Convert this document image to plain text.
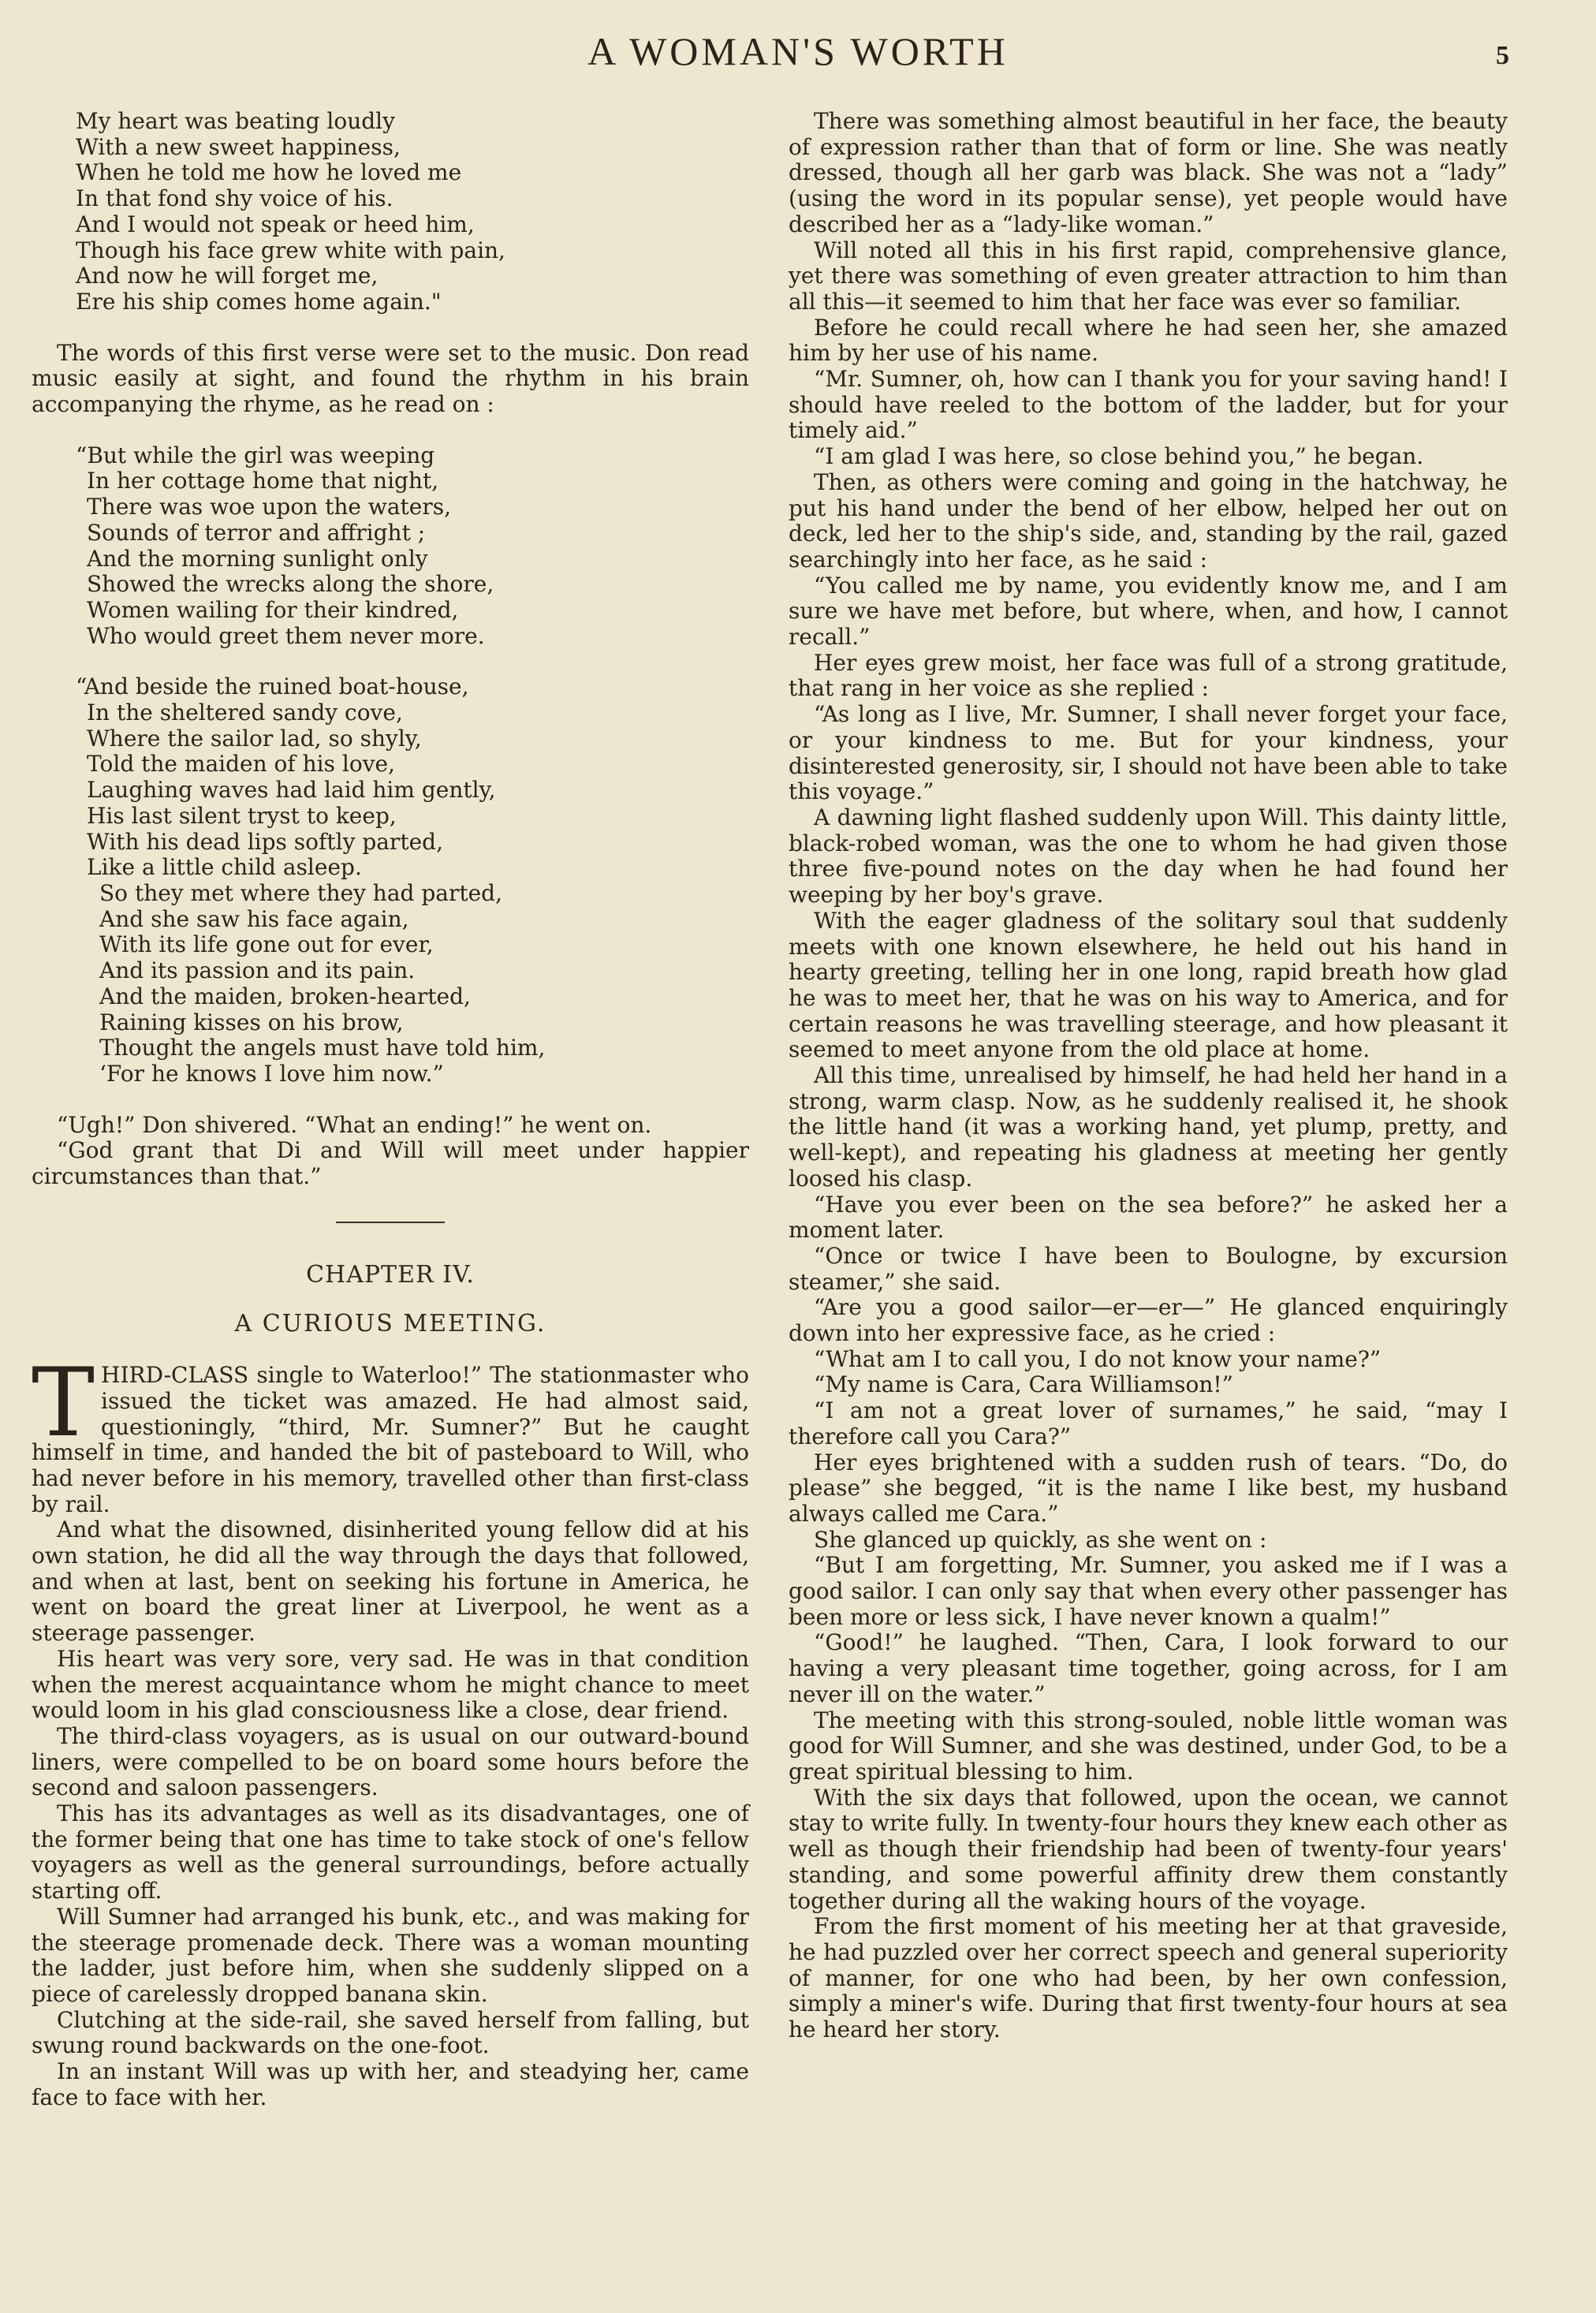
A WOMAN'S WORTH	5
My heart was beating loudly
With a new sweet happiness,
When he told me how he loved me
In that fond shy voice of his.
And I would not speak or heed him,
Though his face grew white with pain,
And now he will forget me,
Ere his ship comes home again."

The words of this first verse were set to the music. Don read music easily at sight, and found the rhythm in his brain accompanying the rhyme, as he read on :

“But while the girl was weeping
In her cottage home that night,
There was woe upon the waters,
Sounds of terror and affright ;
And the morning sunlight only
Showed the wrecks along the shore,
Women wailing for their kindred,
Who would greet them never more.
“And beside the ruined boat-house,
In the sheltered sandy cove,
Where the sailor lad, so shyly,
Told the maiden of his love,
Laughing waves had laid him gently,
His last silent tryst to keep,
With his dead lips softly parted,
Like a little child asleep.
So they met where they had parted,
And she saw his face again,
With its life gone out for ever,
And its passion and its pain.
And the maiden, broken-hearted,
Raining kisses on his brow,
Thought the angels must have told him,
‘For he knows I love him now.”

“Ugh!” Don shivered. “What an ending!” he went on.

“God grant that Di and Will will meet under happier circumstances than that.”

CHAPTER IV.
A CURIOUS MEETING.

THIRD-CLASS single to Waterloo!” The stationmaster who issued the ticket was amazed. He had almost said, questioningly, “third, Mr. Sumner?” But he caught himself in time, and handed the bit of pasteboard to Will, who had never before in his memory, travelled other than first-class by rail.

And what the disowned, disinherited young fellow did at his own station, he did all the way through the days that followed, and when at last, bent on seeking his fortune in America, he went on board the great liner at Liverpool, he went as a steerage passenger.

His heart was very sore, very sad. He was in that condition when the merest acquaintance whom he might chance to meet would loom in his glad consciousness like a close, dear friend.

The third-class voyagers, as is usual on our outward-bound liners, were compelled to be on board some hours before the second and saloon passengers.

This has its advantages as well as its disadvantages, one of the former being that one has time to take stock of one's fellow voyagers as well as the general surroundings, before actually starting off.

Will Sumner had arranged his bunk, etc., and was making for the steerage promenade deck. There was a woman mounting the ladder, just before him, when she suddenly slipped on a piece of carelessly dropped banana skin.

Clutching at the side-rail, she saved herself from falling, but swung round backwards on the one-foot.

In an instant Will was up with her, and steadying her, came face to face with her.

There was something almost beautiful in her face, the beauty of expression rather than that of form or line. She was neatly dressed, though all her garb was black. She was not a “lady” (using the word in its popular sense), yet people would have described her as a “lady-like woman.”

Will noted all this in his first rapid, comprehensive glance, yet there was something of even greater attraction to him than all this—it seemed to him that her face was ever so familiar.

Before he could recall where he had seen her, she amazed him by her use of his name.

“Mr. Sumner, oh, how can I thank you for your saving hand! I should have reeled to the bottom of the ladder, but for your timely aid.”

“I am glad I was here, so close behind you,” he began.

Then, as others were coming and going in the hatchway, he put his hand under the bend of her elbow, helped her out on deck, led her to the ship's side, and, standing by the rail, gazed searchingly into her face, as he said :

“You called me by name, you evidently know me, and I am sure we have met before, but where, when, and how, I cannot recall.”

Her eyes grew moist, her face was full of a strong gratitude, that rang in her voice as she replied :

“As long as I live, Mr. Sumner, I shall never forget your face, or your kindness to me. But for your kindness, your disinterested generosity, sir, I should not have been able to take this voyage.”

A dawning light flashed suddenly upon Will. This dainty little, black-robed woman, was the one to whom he had given those three five-pound notes on the day when he had found her weeping by her boy's grave.

With the eager gladness of the solitary soul that suddenly meets with one known elsewhere, he held out his hand in hearty greeting, telling her in one long, rapid breath how glad he was to meet her, that he was on his way to America, and for certain reasons he was travelling steerage, and how pleasant it seemed to meet anyone from the old place at home.

All this time, unrealised by himself, he had held her hand in a strong, warm clasp. Now, as he suddenly realised it, he shook the little hand (it was a working hand, yet plump, pretty, and well-kept), and repeating his gladness at meeting her gently loosed his clasp.

“Have you ever been on the sea before?” he asked her a moment later.

“Once or twice I have been to Boulogne, by excursion steamer,” she said.

“Are you a good sailor—er—er—” He glanced enquiringly down into her expressive face, as he cried :

“What am I to call you, I do not know your name?”

“My name is Cara, Cara Williamson!”

“I am not a great lover of surnames,” he said, “may I therefore call you Cara?”

Her eyes brightened with a sudden rush of tears. “Do, do please” she begged, “it is the name I like best, my husband always called me Cara.”

She glanced up quickly, as she went on :

“But I am forgetting, Mr. Sumner, you asked me if I was a good sailor. I can only say that when every other passenger has been more or less sick, I have never known a qualm!”

“Good!” he laughed. “Then, Cara, I look forward to our having a very pleasant time together, going across, for I am never ill on the water.”

The meeting with this strong-souled, noble little woman was good for Will Sumner, and she was destined, under God, to be a great spiritual blessing to him.

With the six days that followed, upon the ocean, we cannot stay to write fully. In twenty-four hours they knew each other as well as though their friendship had been of twenty-four years' standing, and some powerful affinity drew them constantly together during all the waking hours of the voyage.

From the first moment of his meeting her at that graveside, he had puzzled over her correct speech and general superiority of manner, for one who had been, by her own confession, simply a miner's wife. During that first twenty-four hours at sea he heard her story.
